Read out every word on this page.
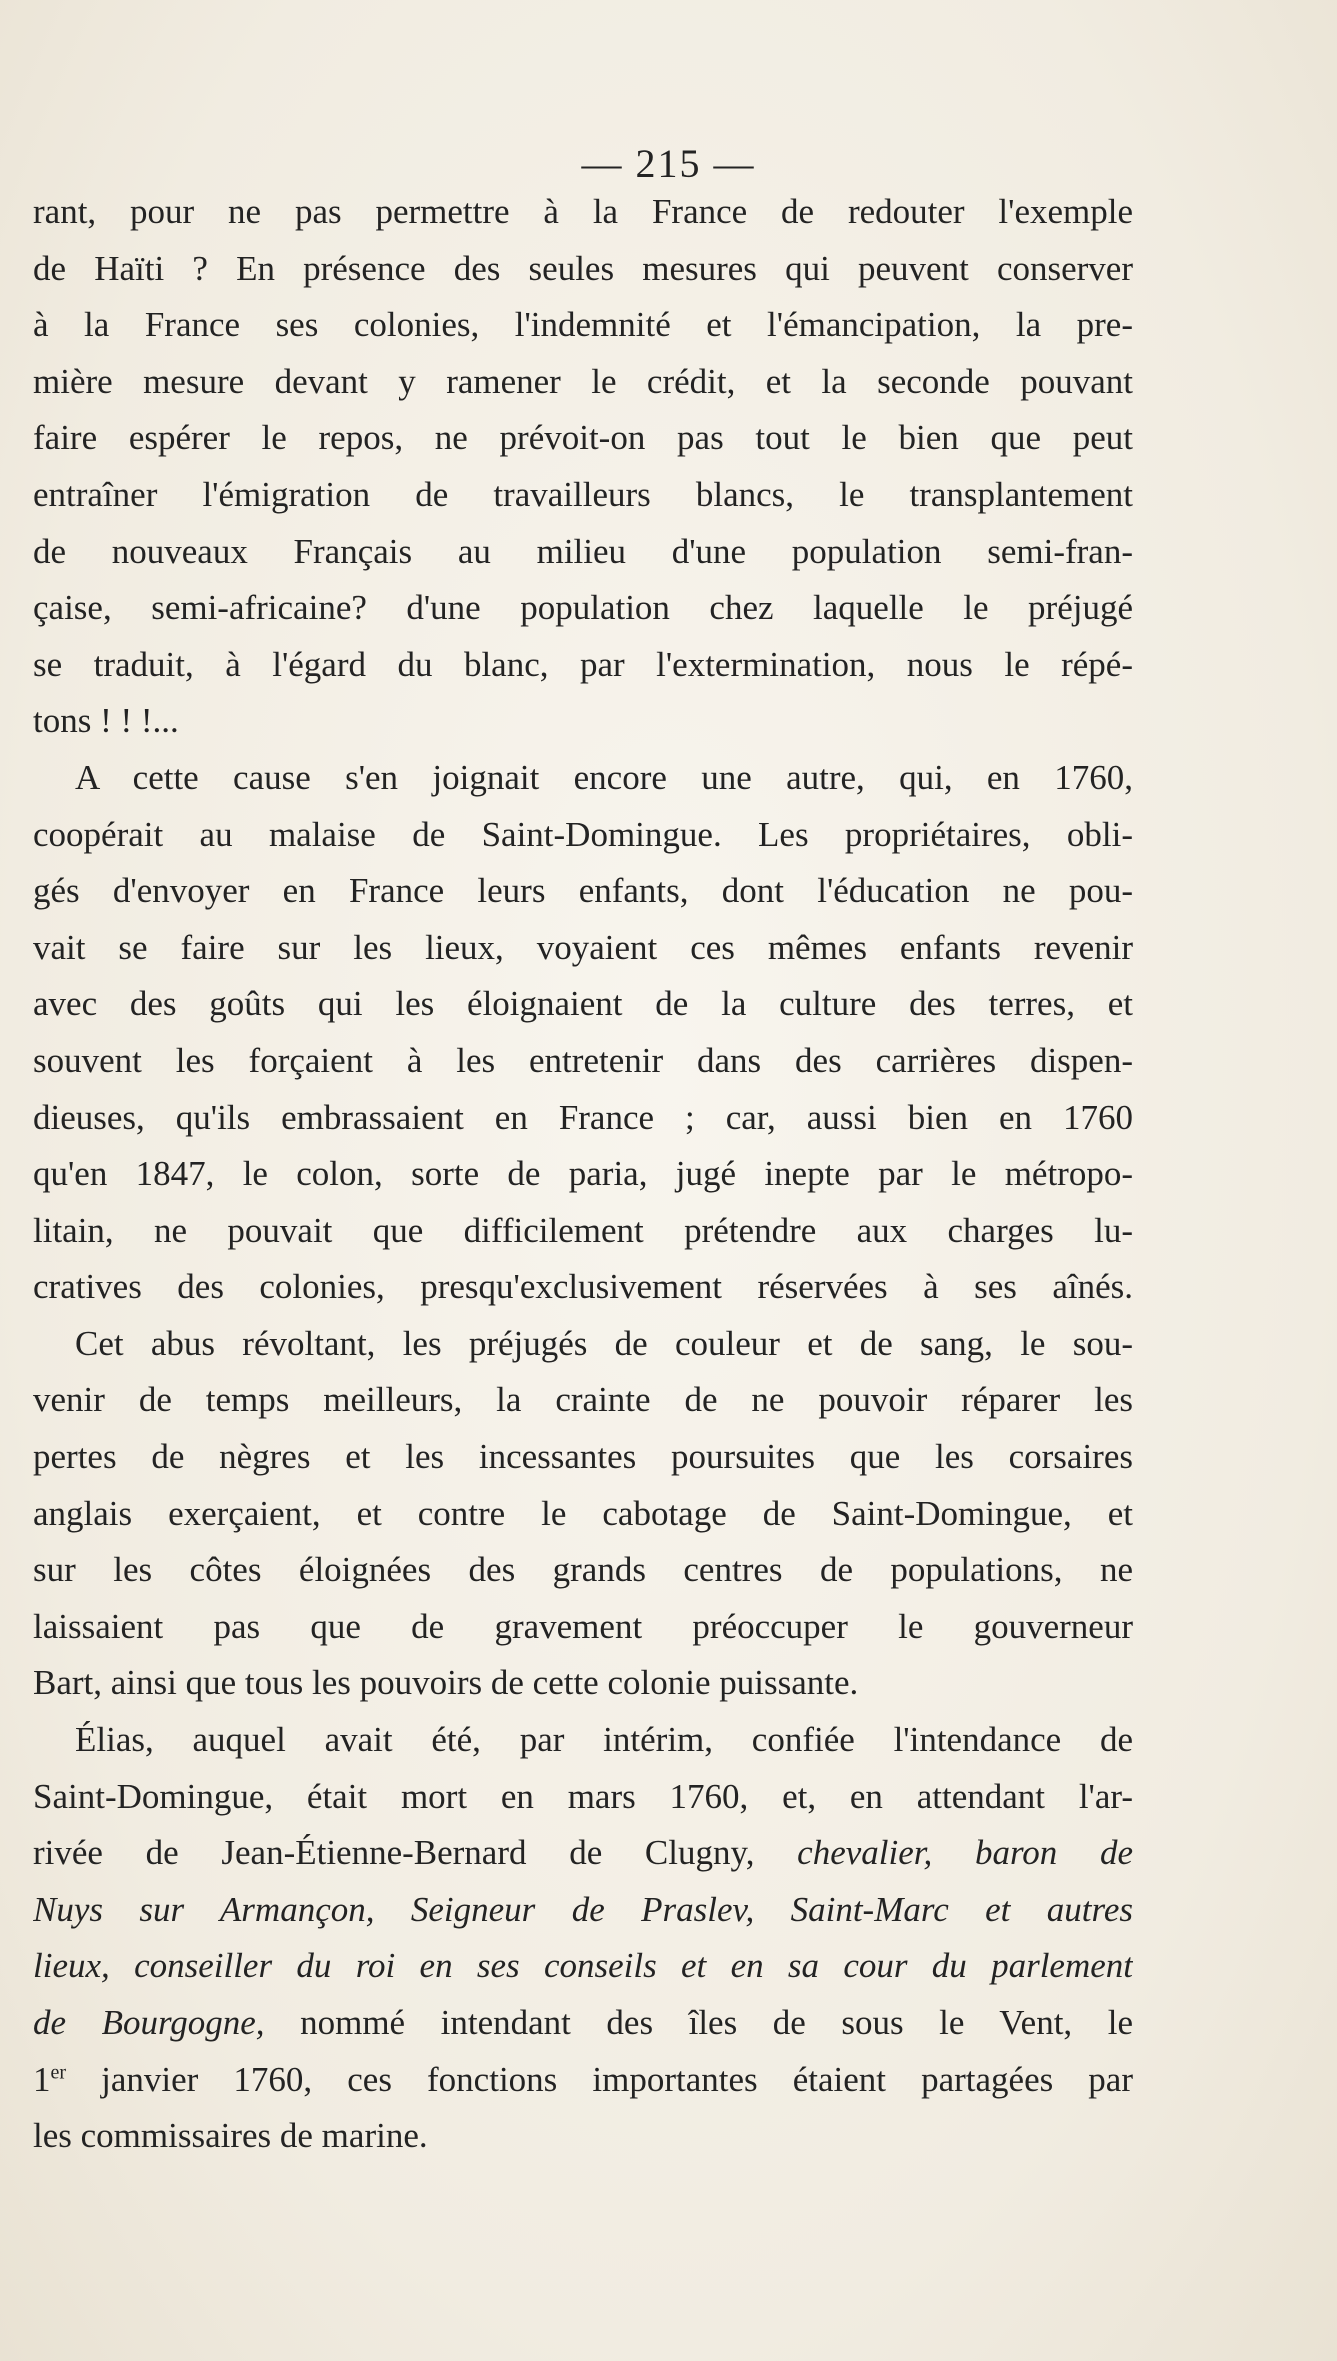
— 215 —
rant, pour ne pas permettre à la France de redouter l'exemple
de Haïti ? En présence des seules mesures qui peuvent conserver
à la France ses colonies, l'indemnité et l'émancipation, la pre-
mière mesure devant y ramener le crédit, et la seconde pouvant
faire espérer le repos, ne prévoit-on pas tout le bien que peut
entraîner l'émigration de travailleurs blancs, le transplantement
de nouveaux Français au milieu d'une population semi-fran-
çaise, semi-africaine? d'une population chez laquelle le préjugé
se traduit, à l'égard du blanc, par l'extermination, nous le répé-
tons ! ! !...
A cette cause s'en joignait encore une autre, qui, en 1760,
coopérait au malaise de Saint-Domingue. Les propriétaires, obli-
gés d'envoyer en France leurs enfants, dont l'éducation ne pou-
vait se faire sur les lieux, voyaient ces mêmes enfants revenir
avec des goûts qui les éloignaient de la culture des terres, et
souvent les forçaient à les entretenir dans des carrières dispen-
dieuses, qu'ils embrassaient en France ; car, aussi bien en 1760
qu'en 1847, le colon, sorte de paria, jugé inepte par le métropo-
litain, ne pouvait que difficilement prétendre aux charges lu-
cratives des colonies, presqu'exclusivement réservées à ses aînés.
Cet abus révoltant, les préjugés de couleur et de sang, le sou-
venir de temps meilleurs, la crainte de ne pouvoir réparer les
pertes de nègres et les incessantes poursuites que les corsaires
anglais exerçaient, et contre le cabotage de Saint-Domingue, et
sur les côtes éloignées des grands centres de populations, ne
laissaient pas que de gravement préoccuper le gouverneur
Bart, ainsi que tous les pouvoirs de cette colonie puissante.
Élias, auquel avait été, par intérim, confiée l'intendance de
Saint-Domingue, était mort en mars 1760, et, en attendant l'ar-
rivée de Jean-Étienne-Bernard de Clugny, chevalier, baron de
Nuys sur Armançon, Seigneur de Praslev, Saint-Marc et autres
lieux, conseiller du roi en ses conseils et en sa cour du parlement
de Bourgogne, nommé intendant des îles de sous le Vent, le
1er janvier 1760, ces fonctions importantes étaient partagées par
les commissaires de marine.
